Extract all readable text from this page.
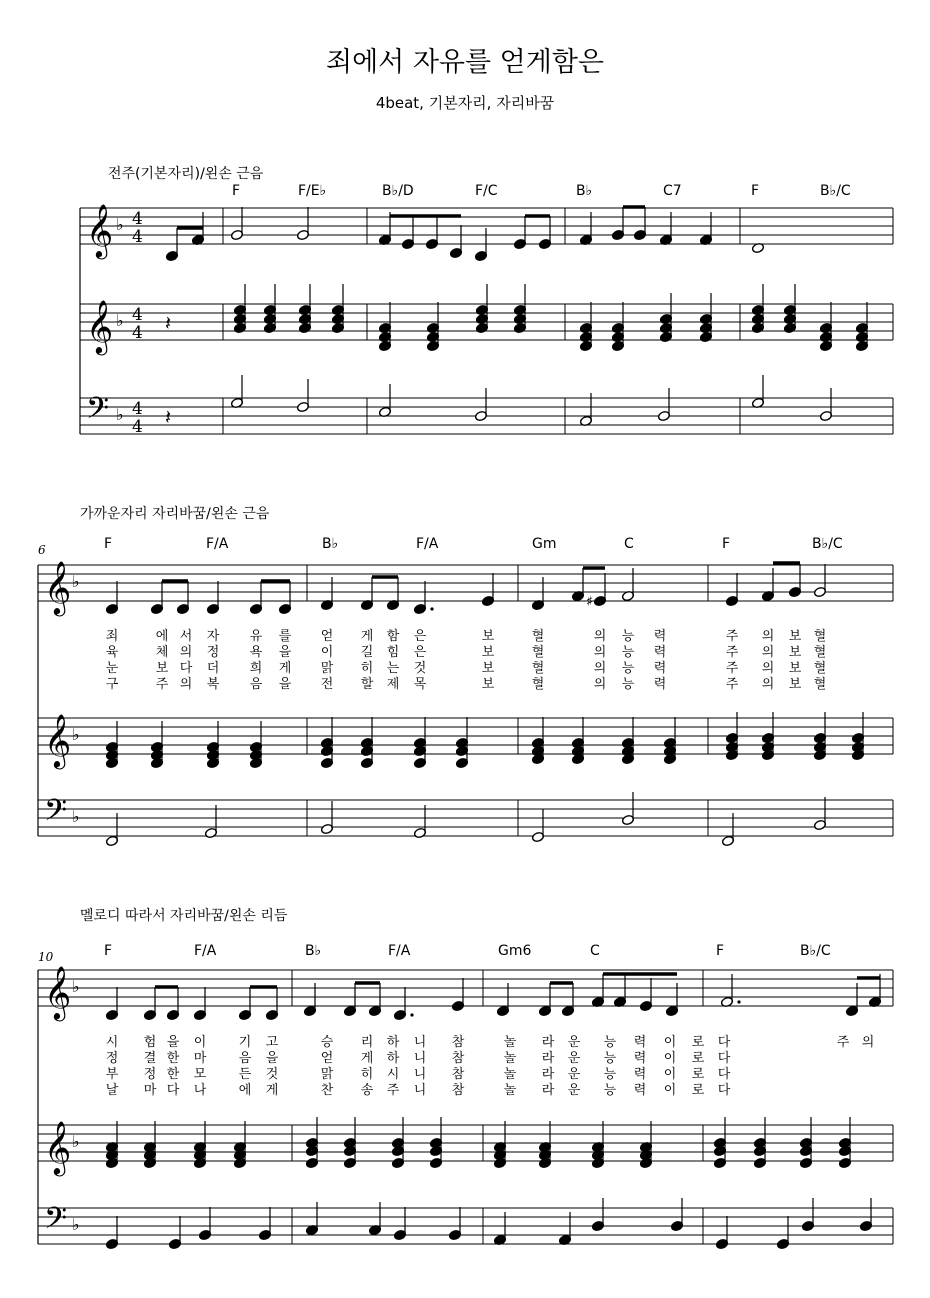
죄에서 자유를 얻게함은
4beat, 기본자리, 자리바꿈
전주(기본자리)/왼손 근음
F	F/E♭	B♭/D	F/C	B♭	C7	F	B♭/C
가까운자리 자리바꿈/왼손 근음
6	F	F/A	B♭	F/A	Gm	C	F	B♭/C
멜로디 따라서 자리바꿈/왼손 리듬
10	F	F/A	B♭	F/A	Gm6	C	F	B♭/C
죄	에 서 자 유 를 얻 게 함 은	보	혈	의 능 력	주 의 보 혈
육	체 의 정 욕 을 이 길 힘 은	보	혈	의 능 력	주 의 보 혈
눈	보 다 더 희 게 맑 히 는 것	보	혈	의 능 력	주 의 보 혈
구	주 의 복 음 을 전 할 제 목	보	혈	의 능 력	주 의 보 혈
시 험 을 이 기 고	승 리 하 니 참	놀 라 운 능 력 이 로 다	주 의
정 결 한 마 음 을	얻 게 하 니 참	놀 라 운 능 력 이 로 다
부 정 한 모 든 것	맑 히 시 니 참	놀 라 운 능 력 이 로 다
날 마 다 나 에 게	찬 송 주 니 참	놀 라 운 능 력 이 로 다
𝄞
𝄞
𝄢
♭
♭
♭
4
4
4
4
4
4
𝄽
𝄽
𝄞
𝄞
𝄢
♭
♭
♭
♯
𝄞
𝄞
𝄢
♭
♭
♭
